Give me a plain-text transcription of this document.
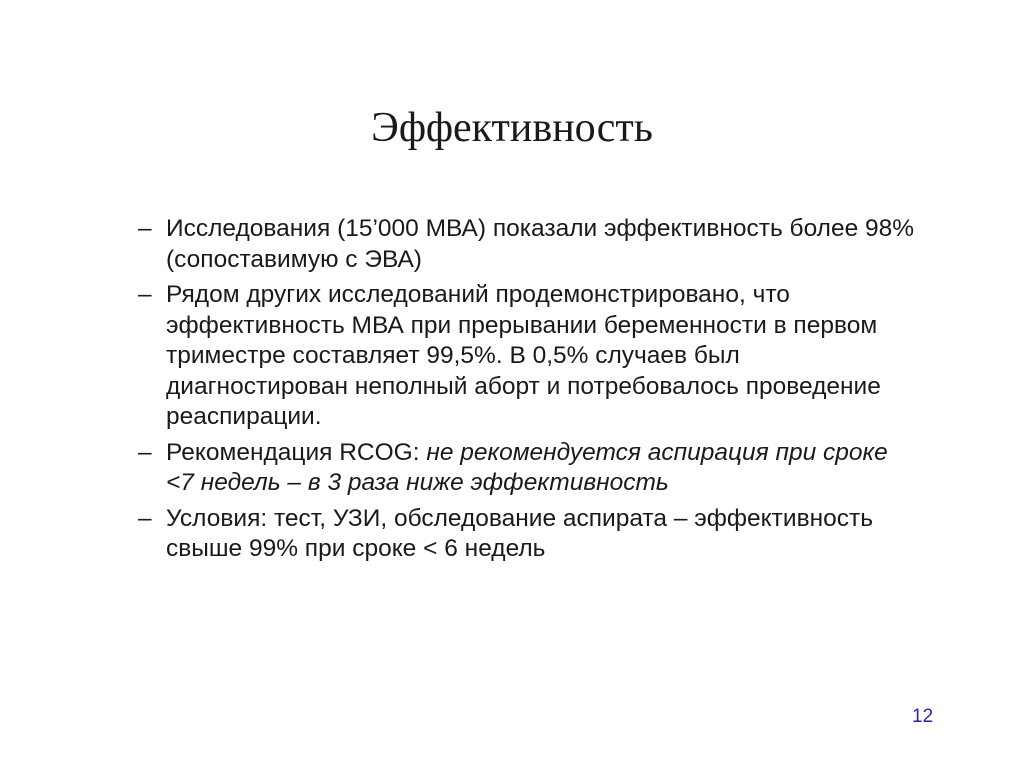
Эффективность
– Исследования (15’000 МВА) показали эффективность более 98% (сопоставимую с ЭВА)
– Рядом других исследований продемонстрировано, что эффективность МВА при прерывании беременности в первом триместре составляет 99,5%. В 0,5% случаев был диагностирован неполный аборт и потребовалось проведение реаспирации.
– Рекомендация RCOG: не рекомендуется аспирация при сроке <7 недель – в 3 раза ниже эффективность
– Условия: тест, УЗИ, обследование аспирата – эффективность свыше 99% при сроке < 6 недель
12
